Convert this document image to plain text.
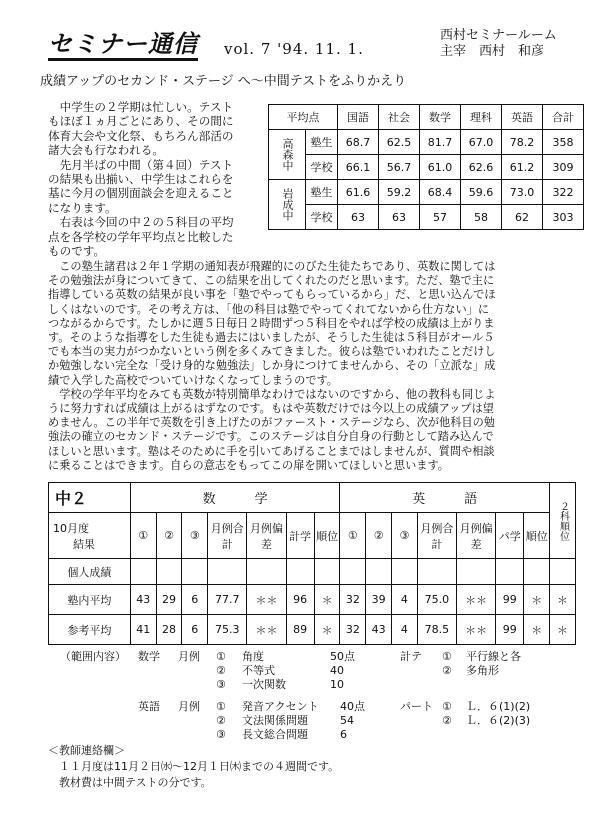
セミナー通信 vol. 7 '94. 11. 1.
西村セミナールーム
主宰　西村　和彦
成績アップのセカンド・ステージ へ〜中間テストをふりかえり
　中学生の２学期は忙しい。テスト
もほぼ１ヵ月ごとにあり、その間に
体育大会や文化祭、もちろん部活の
諸大会も行なわれる。
　先月半ばの中間（第４回）テスト
の結果も出揃い、中学生はこれらを
基に今月の個別面談会を迎えること
になります。
　右表は今回の中２の５科目の平均
点を各学校の学年平均点と比較した
ものです。
平均点		国語	社会	数学	理科	英語	合計
高森中	塾生	68.7	62.5	81.7	67.0	78.2	358
	学校	66.1	56.7	61.0	62.6	61.2	309
岩成中	塾生	61.6	59.2	68.4	59.6	73.0	322
	学校	63	63	57	58	62	303
　この塾生諸君は２年１学期の通知表が飛躍的にのびた生徒たちであり、英数に関しては
その勉強法が身についてきて、この結果を出してくれたのだと思います。ただ、塾で主に
指導している英数の結果が良い事を「塾でやってもらっているから」だ、と思い込んでほ
しくはないのです。その考え方は、「他の科目は塾でやってくれてないから仕方ない」に
つながるからです。たしかに週５日毎日２時間ずつ５科目をやれば学校の成績は上がりま
す。そのような指導をした生徒も過去にはいましたが、そうした生徒は５科目がオール５
でも本当の実力がつかないという例を多くみてきました。彼らは塾でいわれたことだけし
か勉強しない完全な「受け身的な勉強法」しか身につけてませんから、その「立派な」成
績で入学した高校でついていけなくなってしまうのです。
　学校の学年平均をみても英数が特別簡単なわけではないのですから、他の教科も同じよ
うに努力すれば成績は上がるはずなのです。もはや英数だけでは今以上の成績アップは望
めません。この半年で英数を引き上げたのがファースト・ステージなら、次が他科目の勉
強法の確立のセカンド・ステージです。このステージは自分自身の行動として踏み込んで
ほしいと思います。塾はそのために手を引いてあげることまではしませんが、質問や相談
に乗ることはできます。自らの意志をもってこの扉を開いてほしいと思います。
中２	数　　　学							英　　　語							２科順位

10月度
結果	①	②	③	月例合計	月例偏差	計学	順位	①	②	③	月例合計	月例偏差	パ学	順位	
個人成績															
塾内平均	43	29	6	77.7	＊＊	96	＊	32	39	4	75.0	＊＊	99	＊	＊
参考平均	41	28	6	75.3	＊＊	89	＊	32	43	4	78.5	＊＊	99	＊	＊
（範囲内容） 数学 月例 ① 角度	50点
② 不等式	40
③ 一次関数	10
計テ ① 平行線と各
② 多角形
英語 月例 ① 発音アクセント 40点
② 文法関係問題	54
③ 長文総合問題	6
パート ① Ｌ．６(1)(2)
② Ｌ．６(2)(3)
＜教師連絡欄＞
　１１月度は11月２日㈬〜12月１日㈭までの４週間です。
　教材費は中間テストの分です。
